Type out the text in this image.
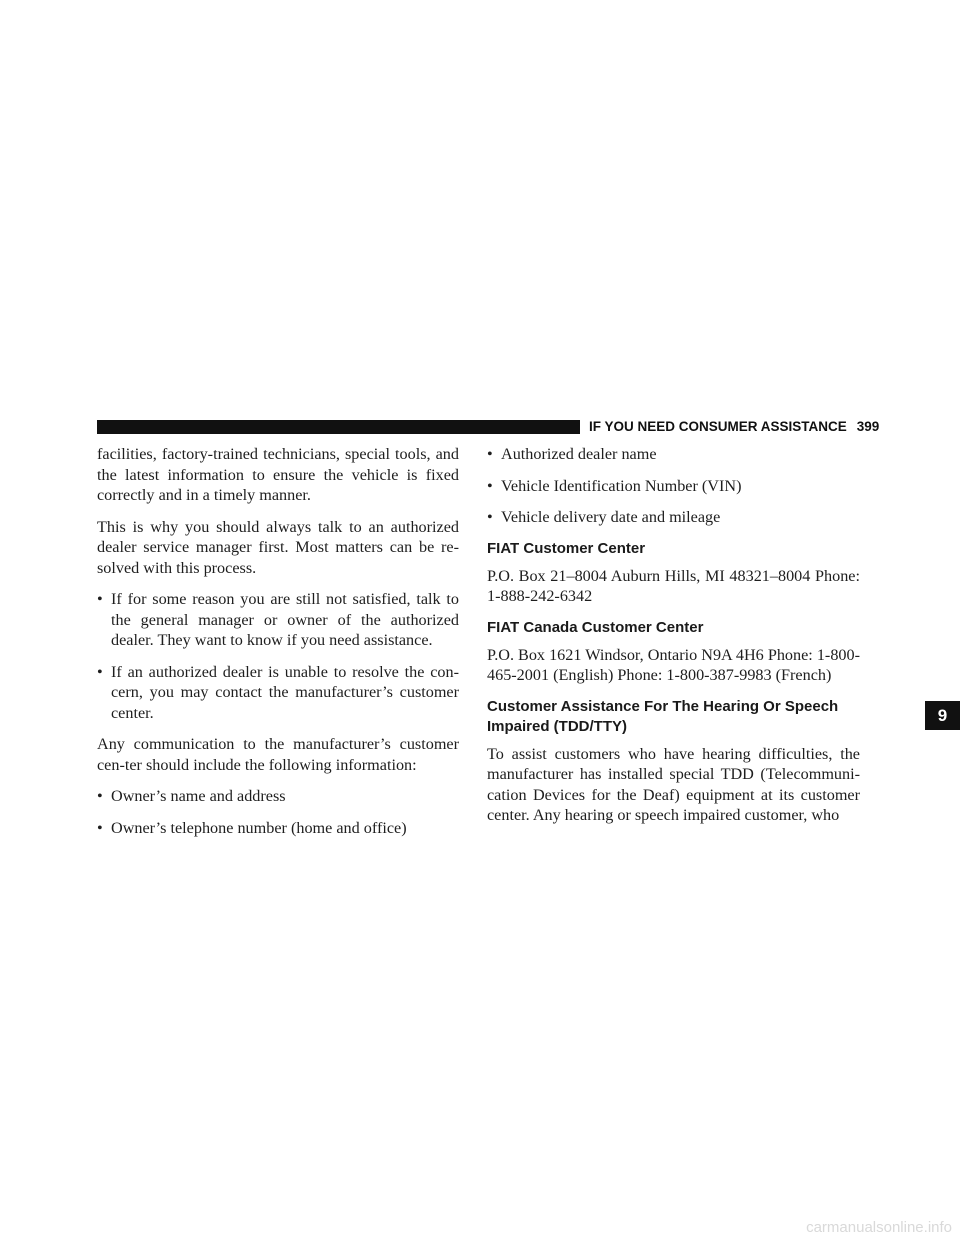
IF YOU NEED CONSUMER ASSISTANCE 399

facilities, factory-trained technicians, special tools, and the latest information to ensure the vehicle is fixed correctly and in a timely manner.

This is why you should always talk to an authorized dealer service manager first. Most matters can be re-solved with this process.

• If for some reason you are still not satisfied, talk to the general manager or owner of the authorized dealer. They want to know if you need assistance.
• If an authorized dealer is unable to resolve the con-cern, you may contact the manufacturer’s customer center.

Any communication to the manufacturer’s customer cen-ter should include the following information:

• Owner’s name and address
• Owner’s telephone number (home and office)
• Authorized dealer name
• Vehicle Identification Number (VIN)
• Vehicle delivery date and mileage
FIAT Customer Center

P.O. Box 21–8004 Auburn Hills, MI 48321–8004 Phone: 1-888-242-6342

FIAT Canada Customer Center

P.O. Box 1621 Windsor, Ontario N9A 4H6 Phone: 1-800-465-2001 (English) Phone: 1-800-387-9983 (French)

Customer Assistance For The Hearing Or Speech Impaired (TDD/TTY)

To assist customers who have hearing difficulties, the manufacturer has installed special TDD (Telecommuni-cation Devices for the Deaf) equipment at its customer center. Any hearing or speech impaired customer, who

9
carmanualsonline.info
